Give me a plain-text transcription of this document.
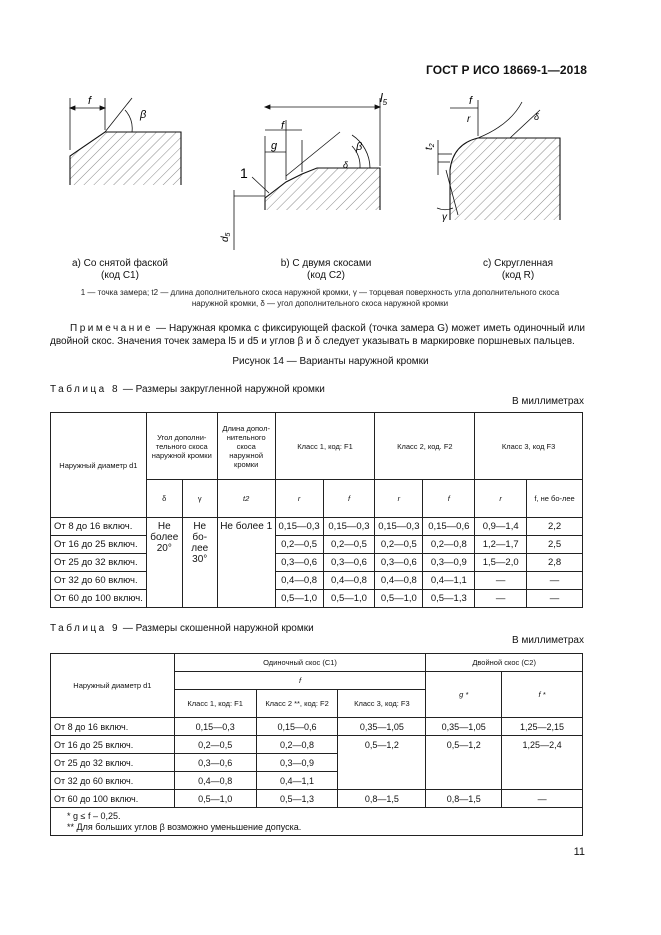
ГОСТ Р ИСО 18669-1—2018
f
β
f
g
$l_5$
β
δ
1
$d_5$
f
r	δ
$t_2$
γ
a) Со снятой фаской
(код C1)
b) С двумя скосами
(код C2)
c) Скругленная
(код R)
1 — точка замера; t2 — длина дополнительного скоса наружной кромки, γ — торцевая поверхность угла дополнительного скоса
наружной кромки, δ — угол дополнительного скоса наружной кромки
Примечание — Наружная кромка с фиксирующей фаской (точка замера G) может иметь одиночный или двойной скос. Значения точек замера l5 и d5 и углов β и δ следует указывать в маркировке поршневых пальцев.
Рисунок 14 — Варианты наружной кромки
Таблица 8 — Размеры закругленной наружной кромки
В миллиметрах
Наружный диаметр d1	Угол дополни-тельного скоса наружной кромки		Длина допол-нительного скоса наружной кромки	Класс 1, код: F1		Класс 2, код. F2		Класс 3, код F3	
	δ	γ	t2	r	f	r	f	r	f, не бо-лее
От 8 до 16 включ.	Не более 20°	Не бо-лее 30°	Не более 1	0,15—0,3	0,15—0,3	0,15—0,3	0,15—0,6	0,9—1,4	2,2
От 16 до 25 включ.				0,2—0,5	0,2—0,5	0,2—0,5	0,2—0,8	1,2—1,7	2,5
От 25 до 32 включ.				0,3—0,6	0,3—0,6	0,3—0,6	0,3—0,9	1,5—2,0	2,8
От 32 до 60 включ.				0,4—0,8	0,4—0,8	0,4—0,8	0,4—1,1	—	—
От 60 до 100 включ.				0,5—1,0	0,5—1,0	0,5—1,0	0,5—1,3	—	—
Таблица 9 — Размеры скошенной наружной кромки
В миллиметрах
Наружный диаметр d1	Одиночный скос (C1)			Двойной скос (C2)	
	f			g *	f *
	Класс 1, код: F1	Класс 2 **, код: F2	Класс 3, код: F3		
От 8 до 16 включ.	0,15—0,3	0,15—0,6	0,35—1,05	0,35—1,05	1,25—2,15
От 16 до 25 включ.	0,2—0,5	0,2—0,8	0,5—1,2	0,5—1,2	1,25—2,4
От 25 до 32 включ.	0,3—0,6	0,3—0,9			
От 32 до 60 включ.	0,4—0,8	0,4—1,1			
От 60 до 100 включ.	0,5—1,0	0,5—1,3	0,8—1,5	0,8—1,5	—

* g ≤ f – 0,25.
** Для больших углов β возможно уменьшение допуска.					
11
